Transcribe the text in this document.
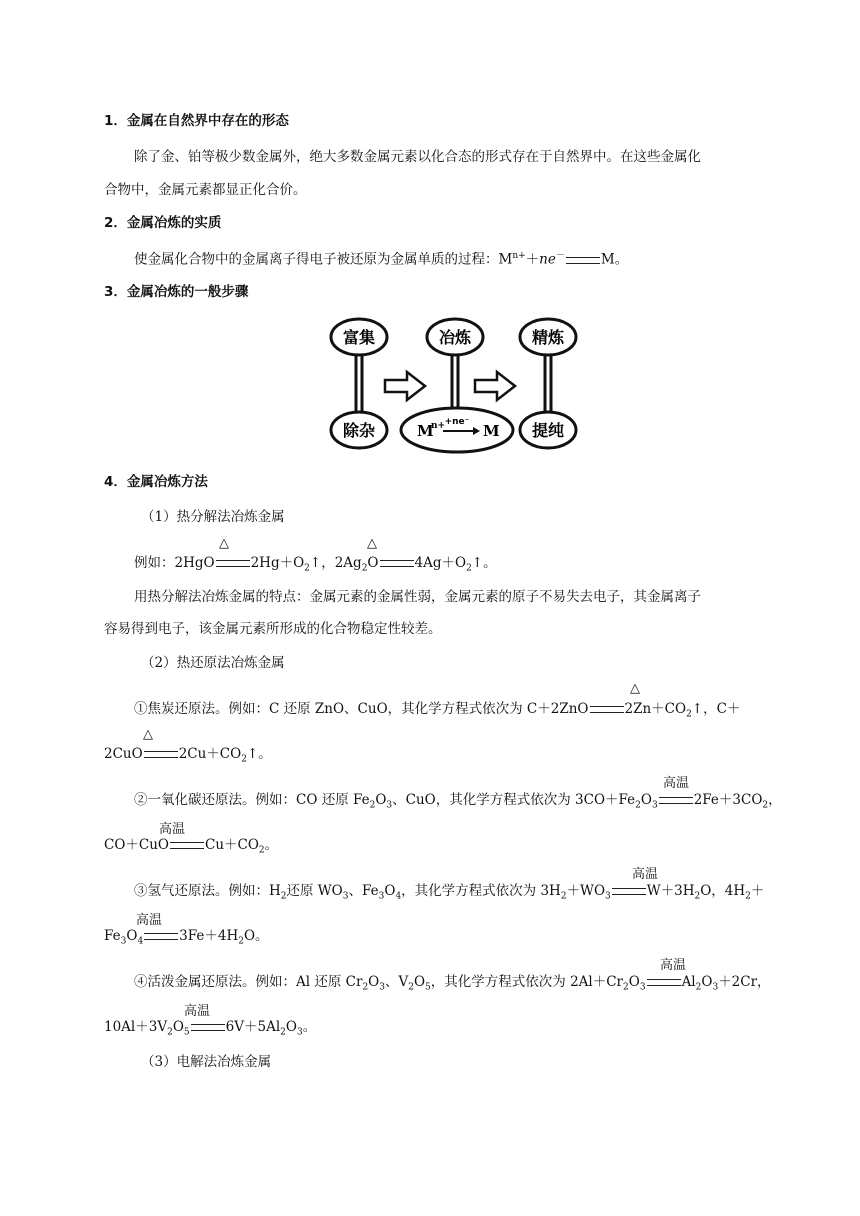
1．金属在自然界中存在的形态
除了金、铂等极少数金属外，绝大多数金属元素以化合态的形式存在于自然界中。在这些金属化
合物中，金属元素都显正化合价。
2．金属冶炼的实质
使金属化合物中的金属离子得电子被还原为金属单质的过程：$M^{n+}+ne^-$	M。
3．金属冶炼的一般步骤
富集
除杂
冶炼
M
n+ +ne⁻ M
精炼
提纯
4．金属冶炼方法
（1）热分解法冶炼金属
△	△
例如：2HgO	$2Hg+O_2↑$，$2Ag_2O$	$4Ag+O_2↑$。
用热分解法冶炼金属的特点：金属元素的金属性弱，金属元素的原子不易失去电子，其金属离子
容易得到电子，该金属元素所形成的化合物稳定性较差。
（2）热还原法冶炼金属
△
①焦炭还原法。例如：C 还原 ZnO、CuO，其化学方程式依次为 C＋2ZnO	$2Zn+CO_2↑$，C＋
△
2CuO	$2Cu+CO_2↑$。
高温
②一氧化碳还原法。例如：CO 还原 $Fe_2O_3$、CuO，其化学方程式依次为 $3CO+Fe_2O_3$	$2Fe+3CO_2$，
高温
CO＋CuO	$Cu+CO_2$。
高温
③氢气还原法。例如：$H_2$还原 $WO_3$、$Fe_3O_4$，其化学方程式依次为 $3H_2+WO_3$	$W+3H_2O$，$4H_2+$
高温
$Fe_3O_4$	$3Fe+4H_2O$。
高温
④活泼金属还原法。例如：Al 还原 $Cr_2O_3$、$V_2O_5$，其化学方程式依次为 $2Al+Cr_2O_3$	$Al_2O_3+2Cr$，
高温
$10Al+3V_2O_5$	$6V+5Al_2O_3$。
（3）电解法冶炼金属
